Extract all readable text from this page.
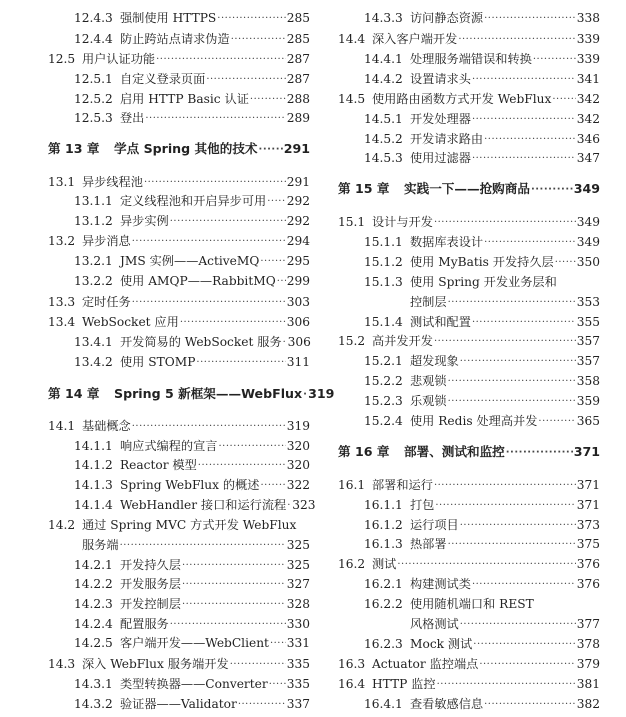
12.4.3 强制使用 HTTPS ·····	285
12.4.4 防止跨站点请求伪造 ·····	285
12.5 用户认证功能 ·····	287
12.5.1 自定义登录页面 ·····	287
12.5.2 启用 HTTP Basic 认证 ·····	288
12.5.3 登出 ·····	289
第 13 章	学点 Spring 其他的技术 ····· 291
13.1 异步线程池 ·····	291
13.1.1 定义线程池和开启异步可用 ····· 292
13.1.2 异步实例 ·····	292
13.2 异步消息 ·····	294
13.2.1 JMS 实例——ActiveMQ ····· 295
13.2.2 使用 AMQP——RabbitMQ ····· 299
13.3 定时任务 ·····	303
13.4 WebSocket 应用 ·····	306
13.4.1 开发简易的 WebSocket 服务 ····· 306
13.4.2 使用 STOMP ·····	311
第 14 章	Spring 5 新框架——WebFlux ····· 319
14.1 基础概念 ·····	319
14.1.1 响应式编程的宣言 ·····	320
14.1.2 Reactor 模型 ·····	320
14.1.3 Spring WebFlux 的概述 ····· 322
14.1.4 WebHandler 接口和运行流程 ····· 323
14.2 通过 Spring MVC 方式开发 WebFlux
服务端 ·····	325
14.2.1 开发持久层 ·····	325
14.2.2 开发服务层 ·····	327
14.2.3 开发控制层 ·····	328
14.2.4 配置服务 ·····	330
14.2.5 客户端开发——WebClient ····· 331
14.3 深入 WebFlux 服务端开发 ·····	335
14.3.1 类型转换器——Converter ····· 335
14.3.2 验证器——Validator ·····	337
14.3.3 访问静态资源 ·····	338
14.4 深入客户端开发 ·····	339
14.4.1 处理服务端错误和转换 ·····	339
14.4.2 设置请求头 ·····	341
14.5 使用路由函数方式开发 WebFlux ····· 342
14.5.1 开发处理器 ·····	342
14.5.2 开发请求路由 ·····	346
14.5.3 使用过滤器 ·····	347
第 15 章	实践一下——抢购商品 ·····	349
15.1 设计与开发 ·····	349
15.1.1 数据库表设计 ·····	349
15.1.2 使用 MyBatis 开发持久层 ····· 350
15.1.3 使用 Spring 开发业务层和
控制层 ·····	353
15.1.4 测试和配置 ·····	355
15.2 高并发开发 ·····	357
15.2.1 超发现象 ·····	357
15.2.2 悲观锁 ·····	358
15.2.3 乐观锁 ·····	359
15.2.4 使用 Redis 处理高并发 ·····	365
第 16 章	部署、测试和监控 ·····	371
16.1 部署和运行 ·····	371
16.1.1 打包 ·····	371
16.1.2 运行项目 ·····	373
16.1.3 热部署 ·····	375
16.2 测试 ·····	376
16.2.1 构建测试类 ·····	376
16.2.2 使用随机端口和 REST
风格测试 ·····	377
16.2.3 Mock 测试 ·····	378
16.3 Actuator 监控端点 ·····	379
16.4 HTTP 监控 ·····	381
16.4.1 查看敏感信息 ·····	382
